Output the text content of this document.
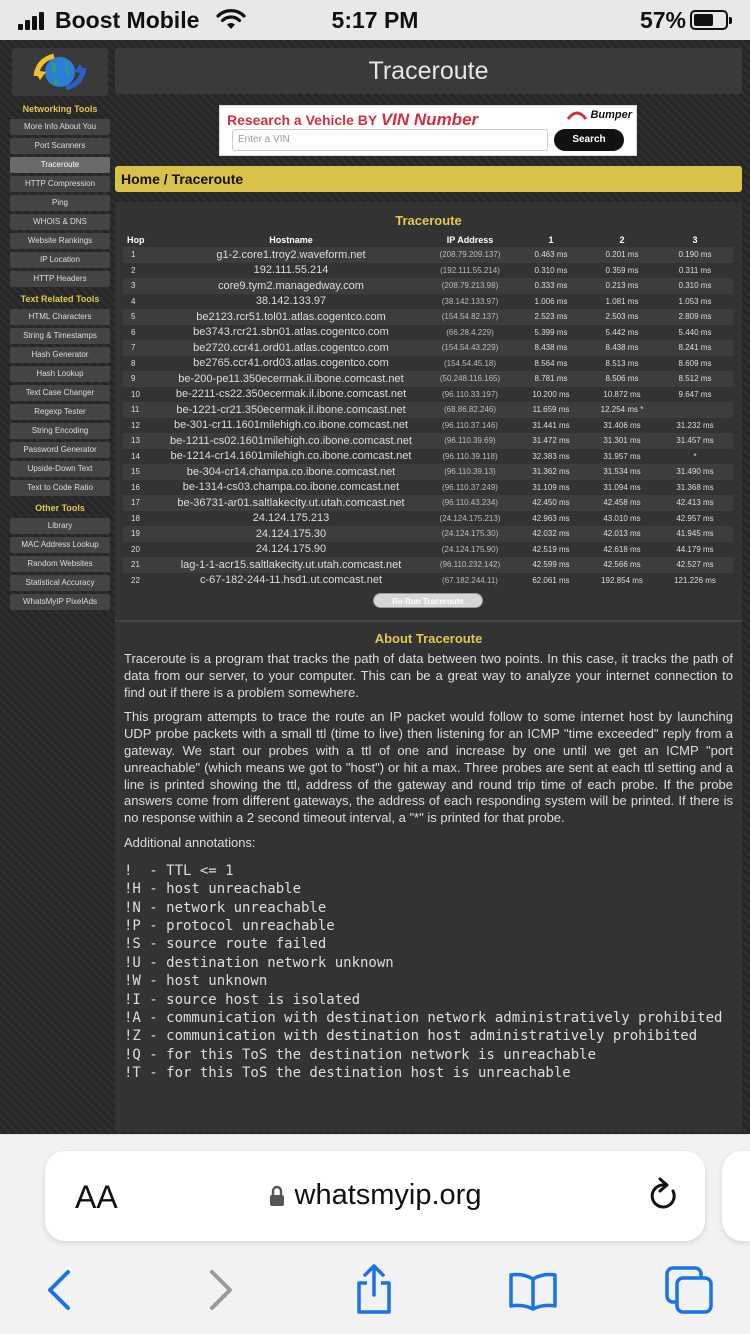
Boost Mobile	5:17 PM	57%
Networking Tools
More Info About You
Port Scanners
Traceroute
HTTP Compression
Ping
WHOIS & DNS
Website Rankings
IP Location
HTTP Headers
Text Related Tools
HTML Characters
String & Timestamps
Hash Generator
Hash Lookup
Text Case Changer
Regexp Tester
String Encoding
Password Generator
Upside-Down Text
Text to Code Ratio
Other Tools
Library
MAC Address Lookup
Random Websites
Statistical Accuracy
WhatsMyIP PixelAds
Traceroute
Research a Vehicle BY VIN Number	Bumper
Enter a VIN	Search
Home / Traceroute
Traceroute
Hop	Hostname	IP Address	1	2	3
1	g1-2.core1.troy2.waveform.net	(208.79.209.137)	0.463 ms	0.201 ms	0.190 ms
2	192.111.55.214	(192.111.55.214)	0.310 ms	0.359 ms	0.311 ms
3	core9.tym2.managedway.com	(208.79.213.98)	0.333 ms	0.213 ms	0.310 ms
4	38.142.133.97	(38.142.133.97)	1.006 ms	1.081 ms	1.053 ms
5	be2123.rcr51.tol01.atlas.cogentco.com	(154.54.82.137)	2.523 ms	2.503 ms	2.809 ms
6	be3743.rcr21.sbn01.atlas.cogentco.com	(66.28.4.229)	5.399 ms	5.442 ms	5.440 ms
7	be2720.ccr41.ord01.atlas.cogentco.com	(154.54.43.229)	8.438 ms	8.438 ms	8.241 ms
8	be2765.ccr41.ord03.atlas.cogentco.com	(154.54.45.18)	8.564 ms	8.513 ms	8.609 ms
9	be-200-pe11.350ecermak.il.ibone.comcast.net	(50.248.116.165)	8.781 ms	8.506 ms	8.512 ms
10	be-2211-cs22.350ecermak.il.ibone.comcast.net	(96.110.33.197)	10.200 ms	10.872 ms	9.647 ms
11	be-1221-cr21.350ecermak.il.ibone.comcast.net	(68.86.82.246)	11.659 ms	12.254 ms *	
12	be-301-cr11.1601milehigh.co.ibone.comcast.net	(96.110.37.146)	31.441 ms	31.406 ms	31.232 ms
13	be-1211-cs02.1601milehigh.co.ibone.comcast.net	(96.110.39.69)	31.472 ms	31.301 ms	31.457 ms
14	be-1214-cr14.1601milehigh.co.ibone.comcast.net	(96.110.39.118)	32.383 ms	31.957 ms	*
15	be-304-cr14.champa.co.ibone.comcast.net	(96.110.39.13)	31.362 ms	31.534 ms	31.490 ms
16	be-1314-cs03.champa.co.ibone.comcast.net	(96.110.37.249)	31.109 ms	31.094 ms	31.368 ms
17	be-36731-ar01.saltlakecity.ut.utah.comcast.net	(96.110.43.234)	42.450 ms	42.458 ms	42.413 ms
18	24.124.175.213	(24.124.175.213)	42.963 ms	43.010 ms	42.957 ms
19	24.124.175.30	(24.124.175.30)	42.032 ms	42.013 ms	41.945 ms
20	24.124.175.90	(24.124.175.90)	42.519 ms	42.618 ms	44.179 ms
21	lag-1-1-acr15.saltlakecity.ut.utah.comcast.net	(96.110.232.142)	42.599 ms	42.566 ms	42.527 ms
22	c-67-182-244-11.hsd1.ut.comcast.net	(67.182.244.11)	62.061 ms	192.854 ms	121.226 ms
Re-Run Traceroute
About Traceroute

Traceroute is a program that tracks the path of data between two points. In this case, it tracks the path of data from our server, to your computer. This can be a great way to analyze your internet connection to find out if there is a problem somewhere.

This program attempts to trace the route an IP packet would follow to some internet host by launching UDP probe packets with a small ttl (time to live) then listening for an ICMP "time exceeded" reply from a gateway. We start our probes with a ttl of one and increase by one until we get an ICMP "port unreachable" (which means we got to "host") or hit a max. Three probes are sent at each ttl setting and a line is printed showing the ttl, address of the gateway and round trip time of each probe. If the probe answers come from different gateways, the address of each responding system will be printed. If there is no response within a 2 second timeout interval, a "*" is printed for that probe.

Additional annotations:

!  - TTL <= 1
!H - host unreachable
!N - network unreachable
!P - protocol unreachable
!S - source route failed
!U - destination network unknown
!W - host unknown
!I - source host is isolated
!A - communication with destination network administratively prohibited
!Z - communication with destination host administratively prohibited
!Q - for this ToS the destination network is unreachable
!T - for this ToS the destination host is unreachable
AA	whatsmyip.org
